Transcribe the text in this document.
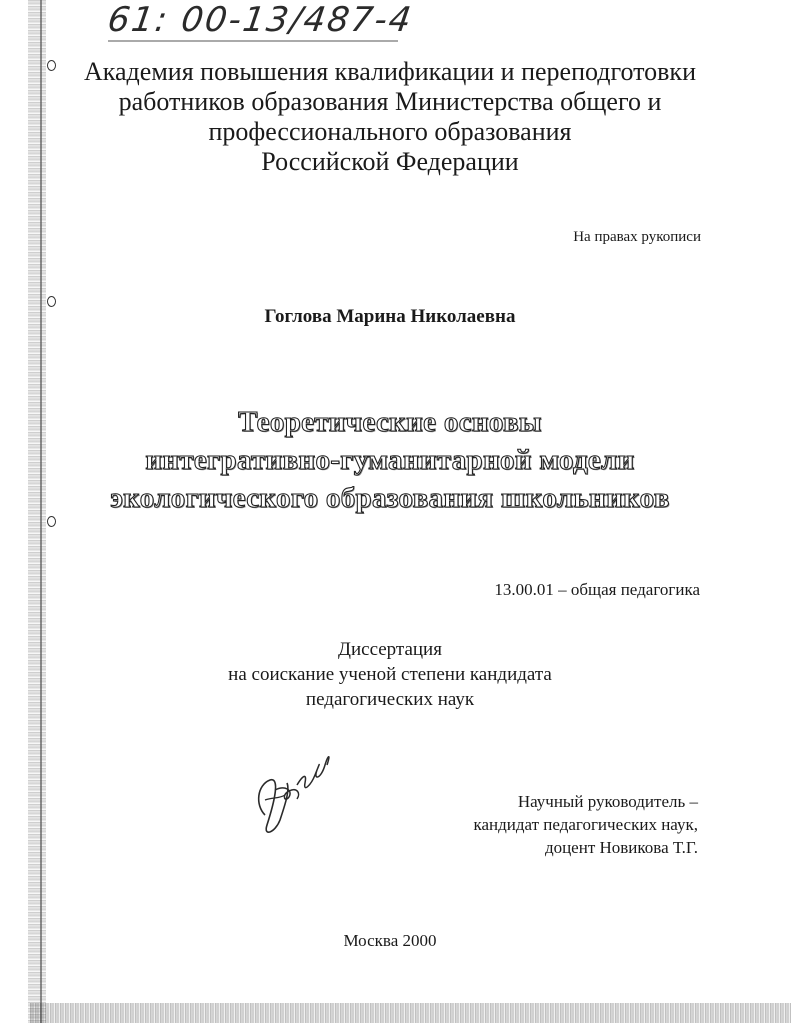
61: 00-13/487-4
Академия повышения квалификации и переподготовки
работников образования Министерства общего и
профессионального образования
Российской Федерации
На правах рукописи
Гоглова Марина Николаевна
Теоретические основы
интегративно-гуманитарной модели
экологического образования школьников
13.00.01 – общая педагогика
Диссертация
на соискание ученой степени кандидата
педагогических наук
Научный руководитель –
кандидат педагогических наук,
доцент Новикова Т.Г.
Москва 2000
